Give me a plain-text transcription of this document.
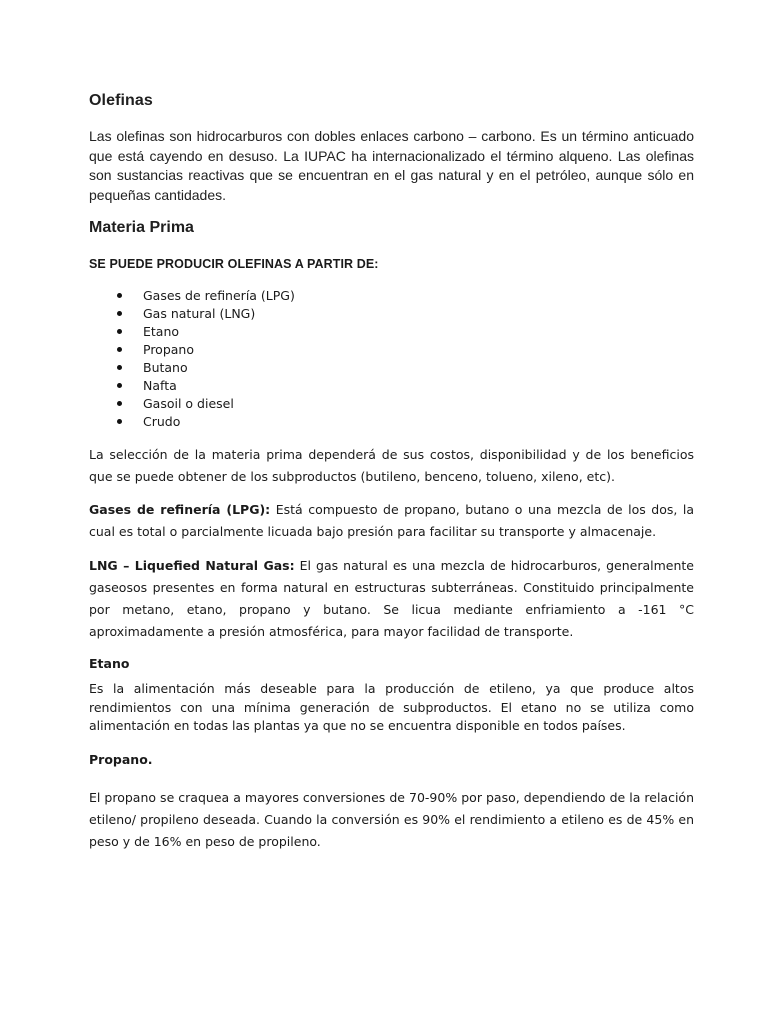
Olefinas
Las olefinas son hidrocarburos con dobles enlaces carbono – carbono. Es un término anticuado que está cayendo en desuso. La IUPAC ha internacionalizado el término alqueno. Las olefinas son sustancias reactivas que se encuentran en el gas natural y en el petróleo, aunque sólo en pequeñas cantidades.
Materia Prima
SE PUEDE PRODUCIR OLEFINAS A PARTIR DE:
Gases de refinería (LPG)
Gas natural (LNG)
Etano
Propano
Butano
Nafta
Gasoil o diesel
Crudo
La selección de la materia prima dependerá de sus costos, disponibilidad y de los beneficios que se puede obtener de los subproductos (butileno, benceno, tolueno, xileno, etc).
Gases de refinería (LPG): Está compuesto de propano, butano o una mezcla de los dos, la cual es total o parcialmente licuada bajo presión para facilitar su transporte y almacenaje.
LNG – Liquefied Natural Gas: El gas natural es una mezcla de hidrocarburos, generalmente gaseosos presentes en forma natural en estructuras subterráneas. Constituido principalmente por metano, etano, propano y butano. Se licua mediante enfriamiento a -161 °C aproximadamente a presión atmosférica, para mayor facilidad de transporte.
Etano
Es la alimentación más deseable para la producción de etileno, ya que produce altos rendimientos con una mínima generación de subproductos. El etano no se utiliza como alimentación en todas las plantas ya que no se encuentra disponible en todos países.
Propano.
El propano se craquea a mayores conversiones de 70-90% por paso, dependiendo de la relación etileno/ propileno deseada. Cuando la conversión es 90% el rendimiento a etileno es de 45% en peso y de 16% en peso de propileno.
